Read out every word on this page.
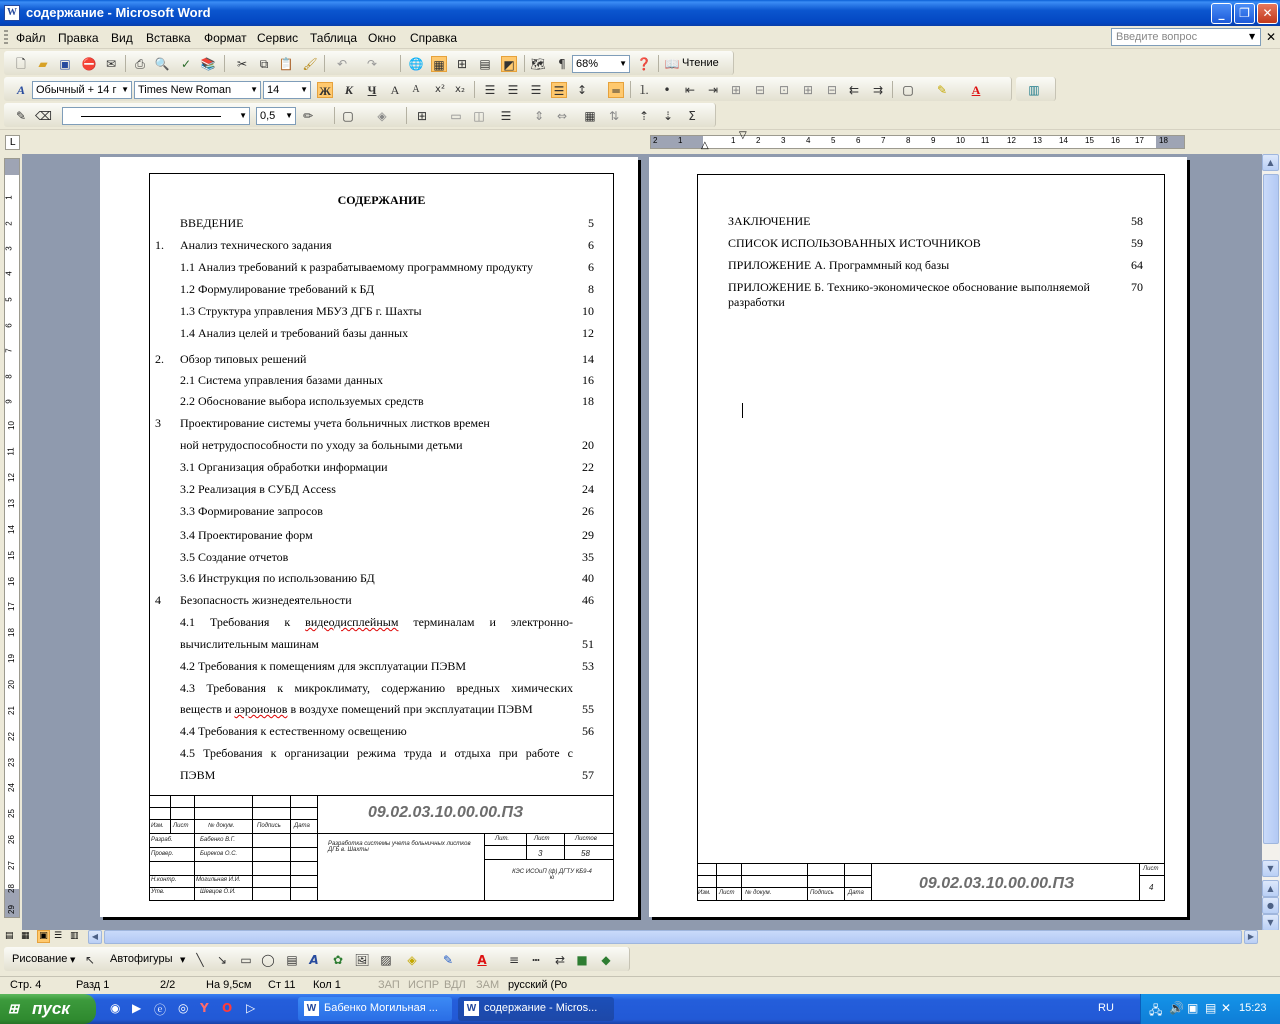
W содержание - Microsoft Word	_	❐	✕
Файл Правка Вид Вставка Формат Сервис Таблица Окно Справка	Введите вопрос	▼ ✕
🗋 ▰ ▣ ⛔ ✉ ⎙ 🔍 ✓ 📚 ✂	⧉ 📋 🖌 ↶ ↷	🌐 ▦ ⊞ ▤ ◩ 🗺	¶ 68%	▼ ❓ 📖 Чтение
A	Обычный + 14 г ▼ Times New Roman ▼ 14	▼ Ж	К	Ч	A	A	x²	x₂ ☰ ☰ ☰ ☰ ↕	═	⒈	•	⇤ ⇥ ⊞ ⊟ ⊡ ⊞ ⊟ ⇇ ⇉ ▢ ✎	A	▥
✎ ⌫	▼	0,5 ▼ ✏ ▢ ◈	⊞ ▭ ◫ ☰ ⇕ ⇔ ▦ ⇅ ⇡ ⇣	Σ
L	2	1	1	2	3	4	5	6	7	8	9	10 11 12 13 14 15 16 17 18
▽
△
1
2
3
4
5
6
7
8
9
10
11
12
13
14
15
16
17
18
19
20
21
22
23
24
25
26
27
28
29
СОДЕРЖАНИЕ
ВВЕДЕНИЕ	5
1. Анализ технического задания	6
1.1 Анализ требований к разрабатываемому программному продукту	6
1.2 Формулирование требований к БД	8
1.3 Структура управления МБУЗ ДГБ г. Шахты	10
1.4 Анализ целей и требований базы данных	12
2. Обзор типовых решений	14
2.1 Система управления базами данных	16
2.2 Обоснование выбора используемых средств	18
3 Проектирование системы учета больничных листков времен
ной нетрудоспособности по уходу за больными детьми	20
3.1 Организация обработки информации	22
3.2 Реализация в СУБД Access	24
3.3 Формирование запросов	26
3.4 Проектирование форм	29
3.5 Создание отчетов	35
3.6 Инструкция по использованию БД	40
4 Безопасность жизнедеятельности	46
4.1 Требования к видеодисплейным терминалам и электронно-
вычислительным машинам	51
4.2 Требования к помещениям для эксплуатации ПЭВМ	53
4.3 Требования к микроклимату, содержанию вредных химических
веществ и аэроионов в воздухе помещений при эксплуатации ПЭВМ	55
4.4 Требования к естественному освещению	56
4.5 Требования к организации режима труда и отдыха при работе с
ПЭВМ	57
09.02.03.10.00.00.ПЗ
Изм. Лист	№ докум.	Подпись Дата
Разраб.	Бабенко В.Г.
Провер.	Биреков О.С.
Н.контр.	Могильная И.И.
Утв.	Шевцов О.И.
Разработка системы учета больничных листков ДГБ в. Шахты
Лит.	Лист	Листов
3	58
КЭС ИСОиП (ф) ДГТУ КБ9-4 ю
ЗАКЛЮЧЕНИЕ	58
СПИСОК ИСПОЛЬЗОВАННЫХ ИСТОЧНИКОВ	59
ПРИЛОЖЕНИЕ А. Программный код базы	64
ПРИЛОЖЕНИЕ Б. Технико-экономическое обоснование выполняемой	70
разработки
09.02.03.10.00.00.ПЗ
Изм. Лист № докум.	Подпись Дата
Лист
4
▲
▼
▲
●
▼
▤ ▦ ▣ ☰ ▥	◀	▶
Рисование ▼ ↖ Автофигуры ▼ ╲	↘ ▭ ◯ ▤ A ✿ 🖼 ▨ ◈ ✎ A ≡	┅	⇄ ■ ◆
Стр. 4	Разд 1	2/2	На 9,5см Ст 11 Кол 1	ЗАП ИСПР ВДЛ ЗАМ русский (Ро
⊞ пуск	◉ ▶ ⓔ ◎ Y O ▷	W Бабенко Могильная ...	W содержание - Micros...	RU	🖧 🔊 ▣ ▤ ✕ 15:23
